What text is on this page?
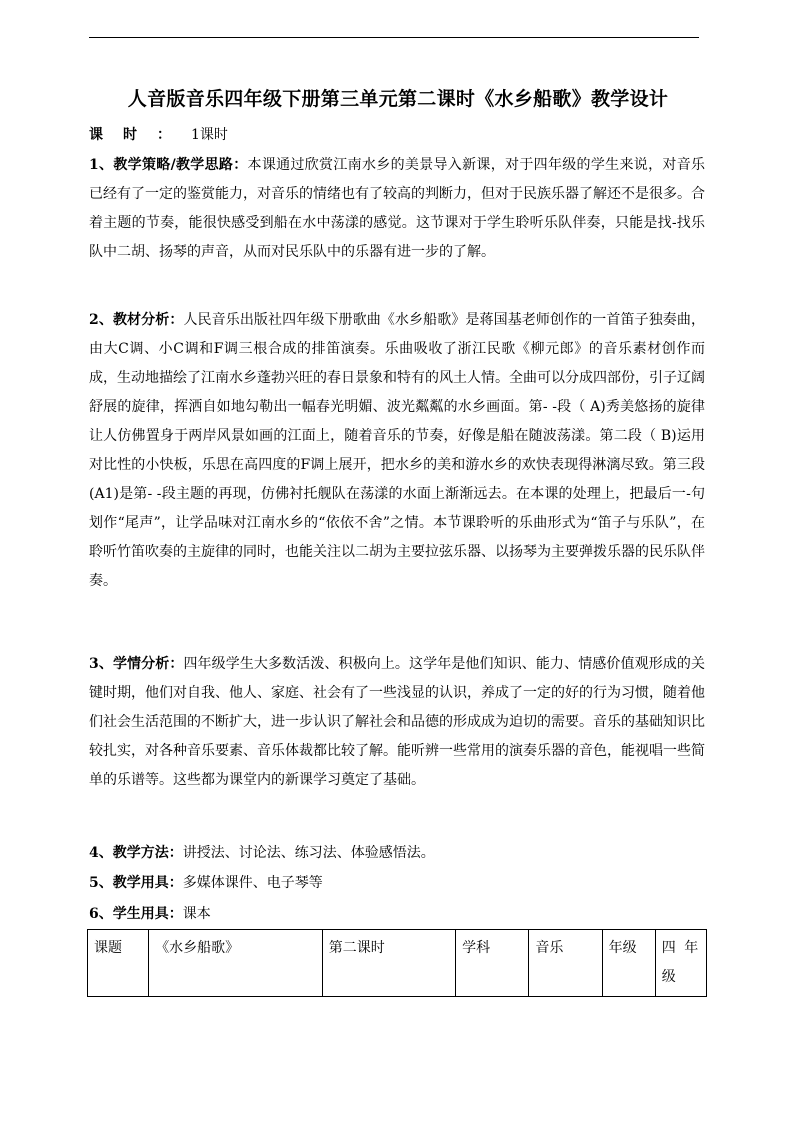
人音版音乐四年级下册第三单元第二课时《水乡船歌》教学设计
课时：1课时
1、教学策略/教学思路：本课通过欣赏江南水乡的美景导入新课，对于四年级的学生来说，对音乐已经有了一定的鉴赏能力，对音乐的情绪也有了较高的判断力，但对于民族乐器了解还不是很多。合着主题的节奏，能很快感受到船在水中荡漾的感觉。这节课对于学生聆听乐队伴奏，只能是找-找乐队中二胡、扬琴的声音，从而对民乐队中的乐器有进一步的了解。
2、教材分析：人民音乐出版社四年级下册歌曲《水乡船歌》是蒋国基老师创作的一首笛子独奏曲，由大C调、小C调和F调三根合成的排笛演奏。乐曲吸收了浙江民歌《柳元郎》的音乐素材创作而成，生动地描绘了江南水乡蓬勃兴旺的春日景象和特有的风土人情。全曲可以分成四部份，引子辽阔舒展的旋律，挥洒自如地勾勒出一幅春光明媚、波光粼粼的水乡画面。第- -段（ A)秀美悠扬的旋律让人仿佛置身于两岸风景如画的江面上，随着音乐的节奏，好像是船在随波荡漾。第二段（ B)运用对比性的小快板，乐思在高四度的F调上展开，把水乡的美和游水乡的欢快表现得淋漓尽致。第三段(A1)是第- -段主题的再现，仿佛衬托舰队在荡漾的水面上渐渐远去。在本课的处理上，把最后一-句划作“尾声”，让学品味对江南水乡的“依依不舍”之情。本节课聆听的乐曲形式为“笛子与乐队”，在聆听竹笛吹奏的主旋律的同时，也能关注以二胡为主要拉弦乐器、以扬琴为主要弹拨乐器的民乐队伴奏。
3、学情分析：四年级学生大多数活泼、积极向上。这学年是他们知识、能力、情感价值观形成的关键时期，他们对自我、他人、家庭、社会有了一些浅显的认识，养成了一定的好的行为习惯，随着他们社会生活范围的不断扩大，进一步认识了解社会和品德的形成成为迫切的需要。音乐的基础知识比较扎实，对各种音乐要素、音乐体裁都比较了解。能听辨一些常用的演奏乐器的音色，能视唱一些简单的乐谱等。这些都为课堂内的新课学习奠定了基础。
4、教学方法：讲授法、讨论法、练习法、体验感悟法。
5、教学用具：多媒体课件、电子琴等
6、学生用具：课本
课题	《水乡船歌》	第二课时	学科	音乐	年级	四 年级
